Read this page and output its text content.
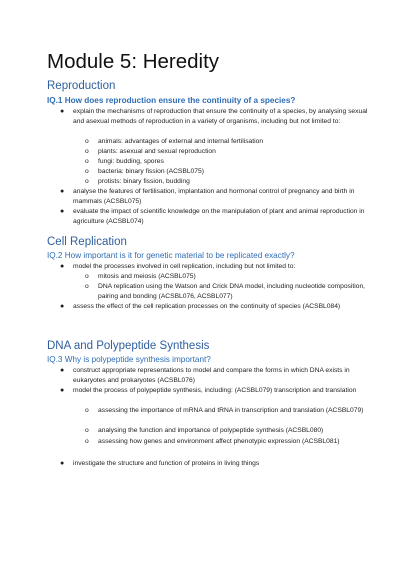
Module 5: Heredity
Reproduction
IQ.1 How does reproduction ensure the continuity of a species?
● explain the mechanisms of reproduction that ensure the continuity of a species, by analysing sexual and asexual methods of reproduction in a variety of organisms, including but not limited to:
o animals: advantages of external and internal fertilisation
o plants: asexual and sexual reproduction
o fungi: budding, spores
o bacteria: binary fission (ACSBL075)
o protists: binary fission, budding
● analyse the features of fertilisation, implantation and hormonal control of pregnancy and birth in mammals (ACSBL075)
● evaluate the impact of scientific knowledge on the manipulation of plant and animal reproduction in agriculture (ACSBL074)
Cell Replication
IQ.2 How important is it for genetic material to be replicated exactly?
● model the processes involved in cell replication, including but not limited to:
o mitosis and meiosis (ACSBL075)
o DNA replication using the Watson and Crick DNA model, including nucleotide composition, pairing and bonding (ACSBL076, ACSBL077)
● assess the effect of the cell replication processes on the continuity of species (ACSBL084)
DNA and Polypeptide Synthesis
IQ.3 Why is polypeptide synthesis important?
● construct appropriate representations to model and compare the forms in which DNA exists in eukaryotes and prokaryotes (ACSBL076)
● model the process of polypeptide synthesis, including: (ACSBL079) transcription and translation
o assessing the importance of mRNA and tRNA in transcription and translation (ACSBL079)
o analysing the function and importance of polypeptide synthesis (ACSBL080)
o assessing how genes and environment affect phenotypic expression (ACSBL081)
● investigate the structure and function of proteins in living things
